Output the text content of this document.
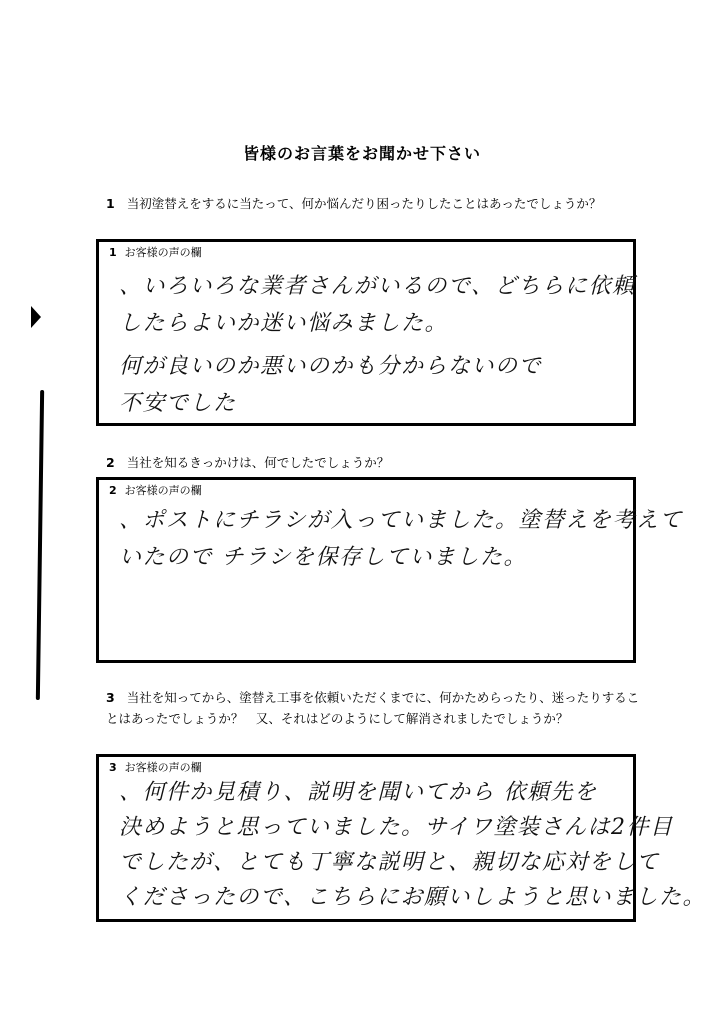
皆様のお言葉をお聞かせ下さい
1 当初塗替えをするに当たって、何か悩んだり困ったりしたことはあったでしょうか？
1 お客様の声の欄
、いろいろな業者さんがいるので、どちらに依頼
したらよいか迷い悩みました。
何が良いのか悪いのかも分からないので
不安でした
2 当社を知るきっかけは、何でしたでしょうか？
2 お客様の声の欄
、ポストにチラシが入っていました。塗替えを考えて
いたので チラシを保存していました。
3 当社を知ってから、塗替え工事を依頼いただくまでに、何かためらったり、迷ったりすることはあったでしょうか？　又、それはどのようにして解消されましたでしょうか？
3 お客様の声の欄
、何件か見積り、説明を聞いてから 依頼先を
決めようと思っていました。サイワ塗装さんは2件目
でしたが、とても丁寧な説明と、親切な応対をして
くださったので、こちらにお願いしようと思いました。
